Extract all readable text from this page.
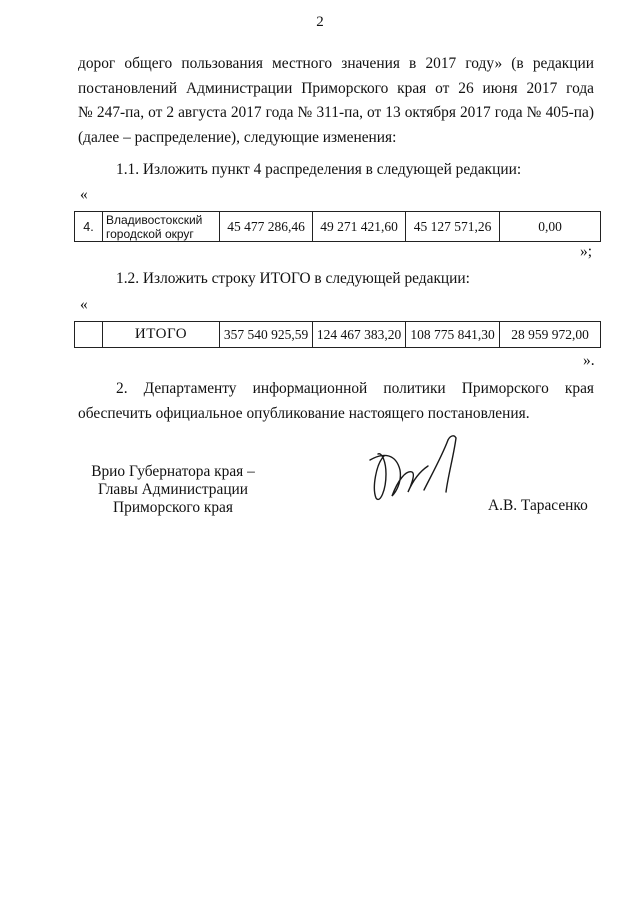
2
дорог общего пользования местного значения в 2017 году» (в редакции
постановлений Администрации Приморского края от 26 июня 2017 года
№ 247-па, от 2 августа 2017 года № 311-па, от 13 октября 2017 года № 405-па)
(далее – распределение), следующие изменения:
1.1. Изложить пункт 4 распределения в следующей редакции:
«
4.	Владивостокский
городской округ	45 477 286,46	49 271 421,60	45 127 571,26	0,00
»;
1.2. Изложить строку ИТОГО в следующей редакции:
«
	ИТОГО	357 540 925,59	124 467 383,20	108 775 841,30	28 959 972,00
».
2. Департаменту информационной политики Приморского края
обеспечить официальное опубликование настоящего постановления.
Врио Губернатора края –
Главы Администрации
Приморского края	А.В. Тарасенко
